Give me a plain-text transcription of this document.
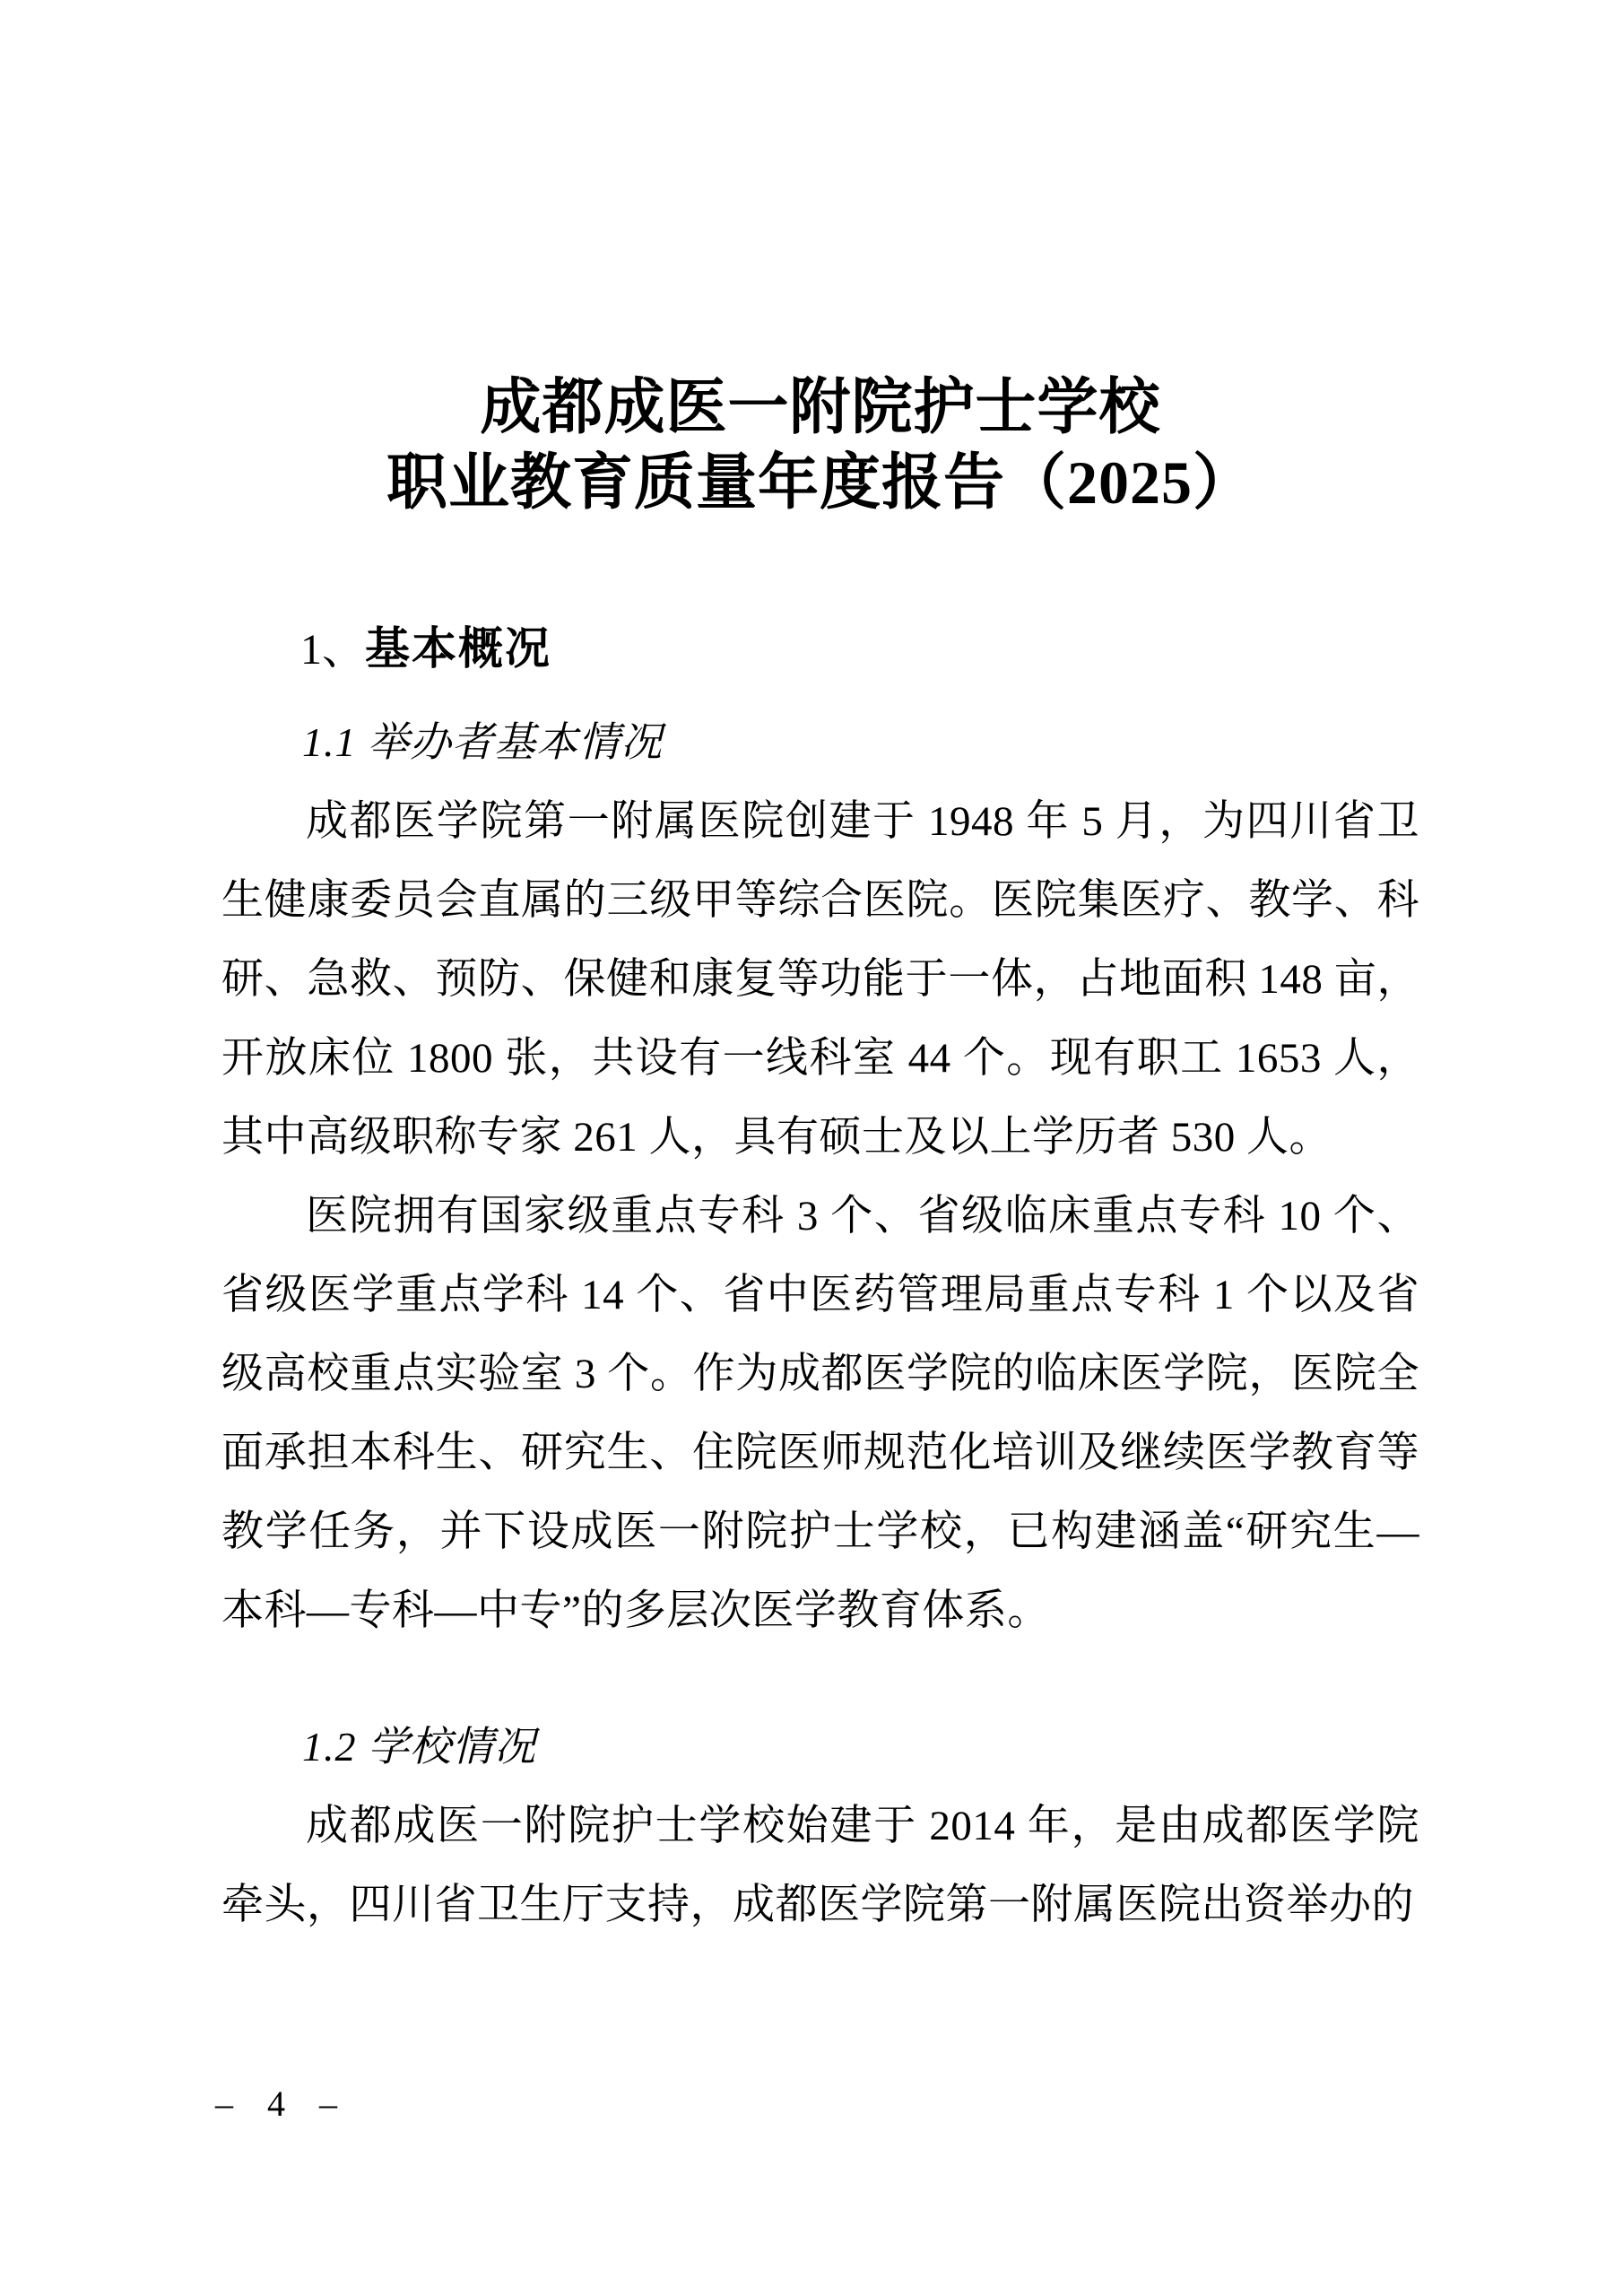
成都成医一附院护士学校
职业教育质量年度报告（2025）
1、基本概况

1.1 举办者基本情况

成都医学院第一附属医院创建于 1948 年 5 月，为四川省卫生健康委员会直属的三级甲等综合医院。医院集医疗、教学、科研、急救、预防、保健和康复等功能于一体，占地面积 148 亩，开放床位 1800 张，共设有一线科室 44 个。现有职工 1653 人，其中高级职称专家 261 人，具有硕士及以上学历者 530 人。

医院拥有国家级重点专科 3 个、省级临床重点专科 10 个、省级医学重点学科 14 个、省中医药管理局重点专科 1 个以及省级高校重点实验室 3 个。作为成都医学院的临床医学院，医院全面承担本科生、研究生、住院医师规范化培训及继续医学教育等教学任务，并下设成医一附院护士学校，已构建涵盖“研究生—本科—专科—中专”的多层次医学教育体系。

1.2 学校情况

成都成医一附院护士学校始建于 2014 年，是由成都医学院牵头，四川省卫生厅支持，成都医学院第一附属医院出资举办的

– 4 –
